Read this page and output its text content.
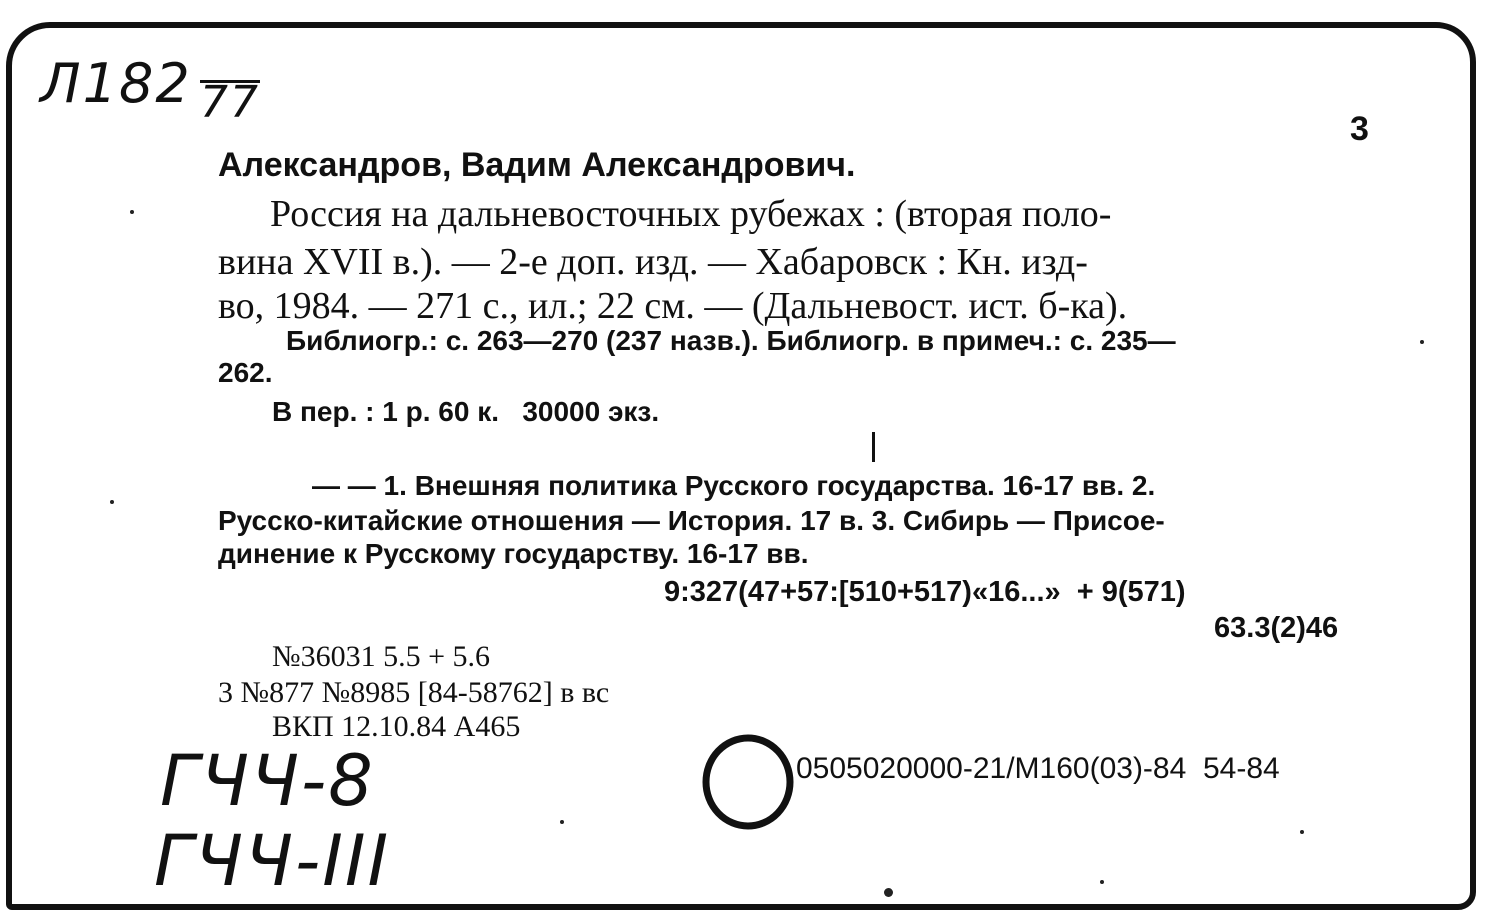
Л182 77
3
Александров, Вадим Александрович.
Россия на дальневосточных рубежах : (вторая поло-
вина XVII в.). — 2-е доп. изд. — Хабаровск : Кн. изд-
во, 1984. — 271 с., ил.; 22 см. — (Дальневост. ист. б-ка).
Библиогр.: с. 263—270 (237 назв.). Библиогр. в примеч.: с. 235—
262.
В пер. : 1 р. 60 к.   30000 экз.
— — 1. Внешняя политика Русского государства. 16-17 вв. 2.
Русско-китайские отношения — История. 17 в. 3. Сибирь — Присое-
динение к Русскому государству. 16-17 вв.
9:327(47+57:[510+517)«16...»  + 9(571)
63.3(2)46
№36031 5.5 + 5.6
3 №877 №8985 [84-58762] в вс
ВКП 12.10.84 А465
0505020000-21/М160(03)-84  54-84
ГЧЧ-8
ГЧЧ-III
